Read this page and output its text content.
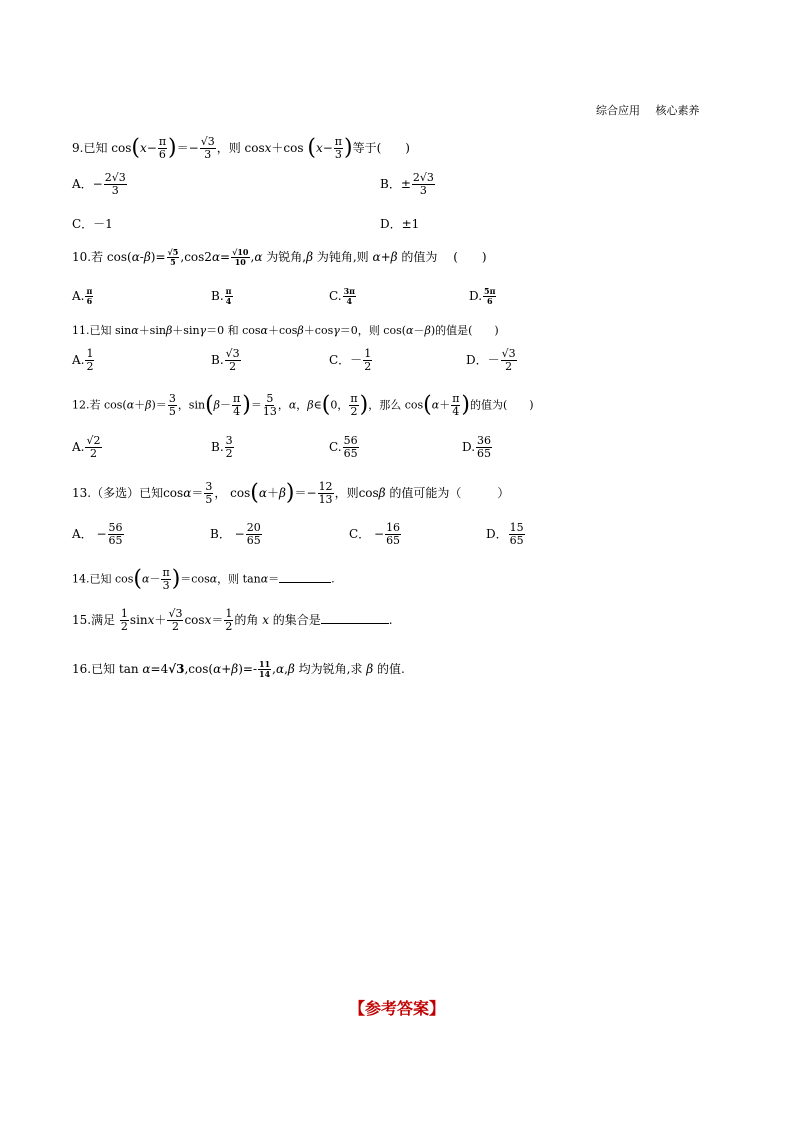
综合应用 核心素养
9.已知 $\cos(x- \frac{\pi}{6}$ )＝− $\frac{√3}{3}$ ，则 cosx＋cos ($x- \frac{\pi}{3}$ )等于(　　)
A．− $\frac{2√3}{3}$	B．± $\frac{2√3}{3}$
C．－1	D．±1
10.若 $\cos(\alpha-\beta)= \frac{√5}{5} ,\cos 2\alpha= \frac{√10}{10} ,\alpha$ 为锐角,β 为钝角,则 α+β 的值为　 (　　)
A. $\frac{\pi}{6}$	B. $\frac{\pi}{4}$	C. $\frac{3\pi}{4}$	D. $\frac{5\pi}{6}$
11.已知 sinα＋sinβ＋sinγ＝0 和 cosα＋cosβ＋cosγ＝0，则 cos(α－β)的值是(　　)
A. $\frac{1}{2}$	B. $\frac{√3}{2}$	C．－ $\frac{1}{2}$	D．－ $\frac{√3}{2}$
12.若 $\cos(\alpha+\beta)= \frac{3}{5}$ ，$\sin(\beta- \frac{\pi}{4}$ )＝ $\frac{5}{13}$ ，α，β∈(0， $\frac{\pi}{2}$ )，那么 $\cos(\alpha+ \frac{\pi}{4}$ )的值为(　　)
A. $\frac{√2}{2}$	B. $\frac{3}{2}$	C. $\frac{56}{65}$	D. $\frac{36}{65}$
13.（多选）已知$\cos\alpha= \frac{3}{5}$ ， $\cos(\alpha+\beta)=- \frac{12}{13}$ ，则cosβ 的值可能为（　　　）
A． − $\frac{56}{65}$	B． − $\frac{20}{65}$	C． − $\frac{16}{65}$	D． $\frac{15}{65}$
14.已知 $\cos(\alpha- \frac{\pi}{3} )=\cos\alpha$，则 tanα＝	.
15.满足 $\frac{1}{2} \sin x+ \frac{√3}{2} \cos x= \frac{1}{2}$ 的角 x 的集合是	.
16.已知 $\tan \alpha=4√3,\cos(\alpha+\beta)=- \frac{11}{14} ,\alpha,\beta$ 均为锐角,求 β 的值.
【参考答案】
